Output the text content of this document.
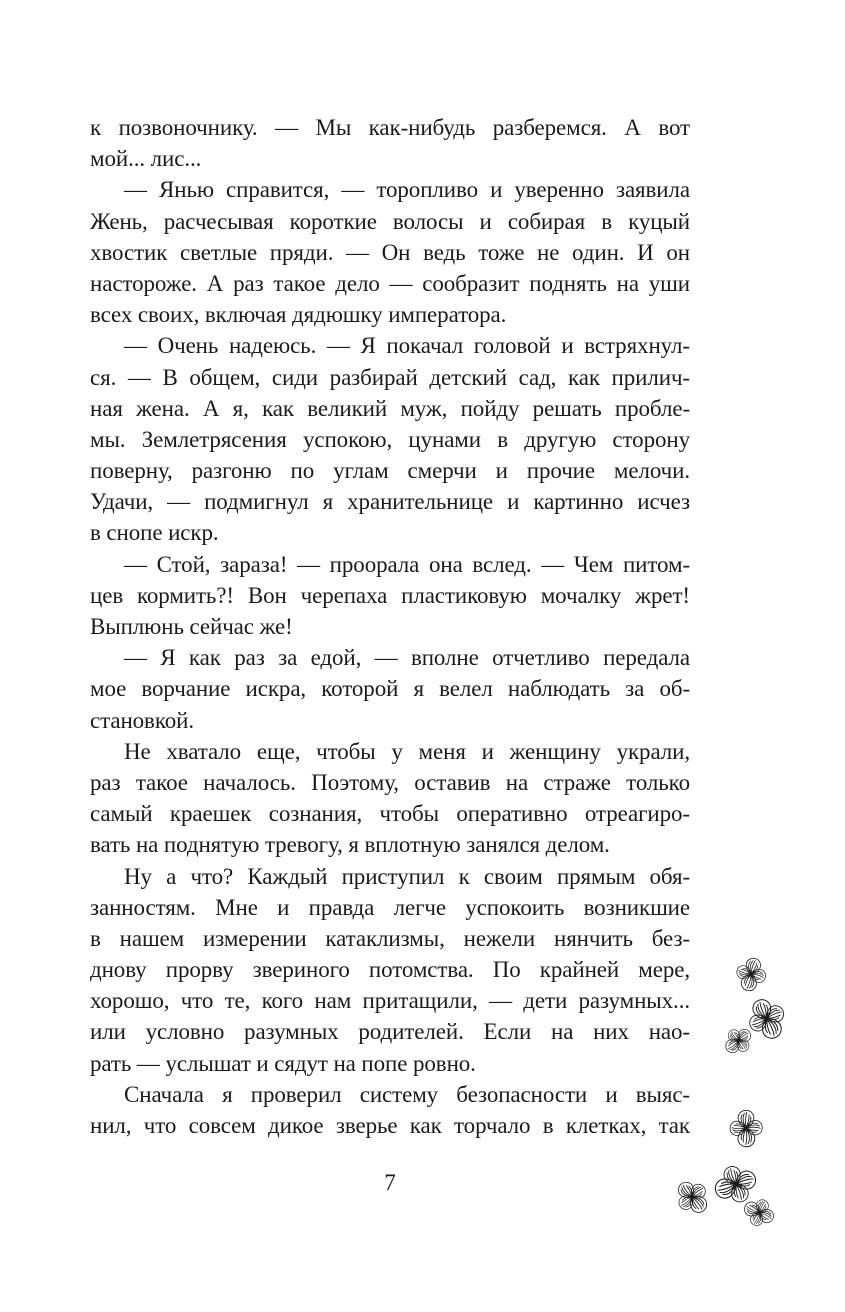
к позвоночнику. — Мы как-нибудь разберемся. А вот
мой... лис...
— Янью справится, — торопливо и уверенно заявила
Жень, расчесывая короткие волосы и собирая в куцый
хвостик светлые пряди. — Он ведь тоже не один. И он
настороже. А раз такое дело — сообразит поднять на уши
всех своих, включая дядюшку императора.
— Очень надеюсь. — Я покачал головой и встряхнул-
ся. — В общем, сиди разбирай детский сад, как прилич-
ная жена. А я, как великий муж, пойду решать пробле-
мы. Землетрясения успокою, цунами в другую сторону
поверну, разгоню по углам смерчи и прочие мелочи.
Удачи, — подмигнул я хранительнице и картинно исчез
в снопе искр.
— Стой, зараза! — проорала она вслед. — Чем питом-
цев кормить?! Вон черепаха пластиковую мочалку жрет!
Выплюнь сейчас же!
— Я как раз за едой, — вполне отчетливо передала
мое ворчание искра, которой я велел наблюдать за об-
становкой.
Не хватало еще, чтобы у меня и женщину украли,
раз такое началось. Поэтому, оставив на страже только
самый краешек сознания, чтобы оперативно отреагиро-
вать на поднятую тревогу, я вплотную занялся делом.
Ну а что? Каждый приступил к своим прямым обя-
занностям. Мне и правда легче успокоить возникшие
в нашем измерении катаклизмы, нежели нянчить без-
днову прорву звериного потомства. По крайней мере,
хорошо, что те, кого нам притащили, — дети разумных...
или условно разумных родителей. Если на них нао-
рать — услышат и сядут на попе ровно.
Сначала я проверил систему безопасности и выяс-
нил, что совсем дикое зверье как торчало в клетках, так
7
